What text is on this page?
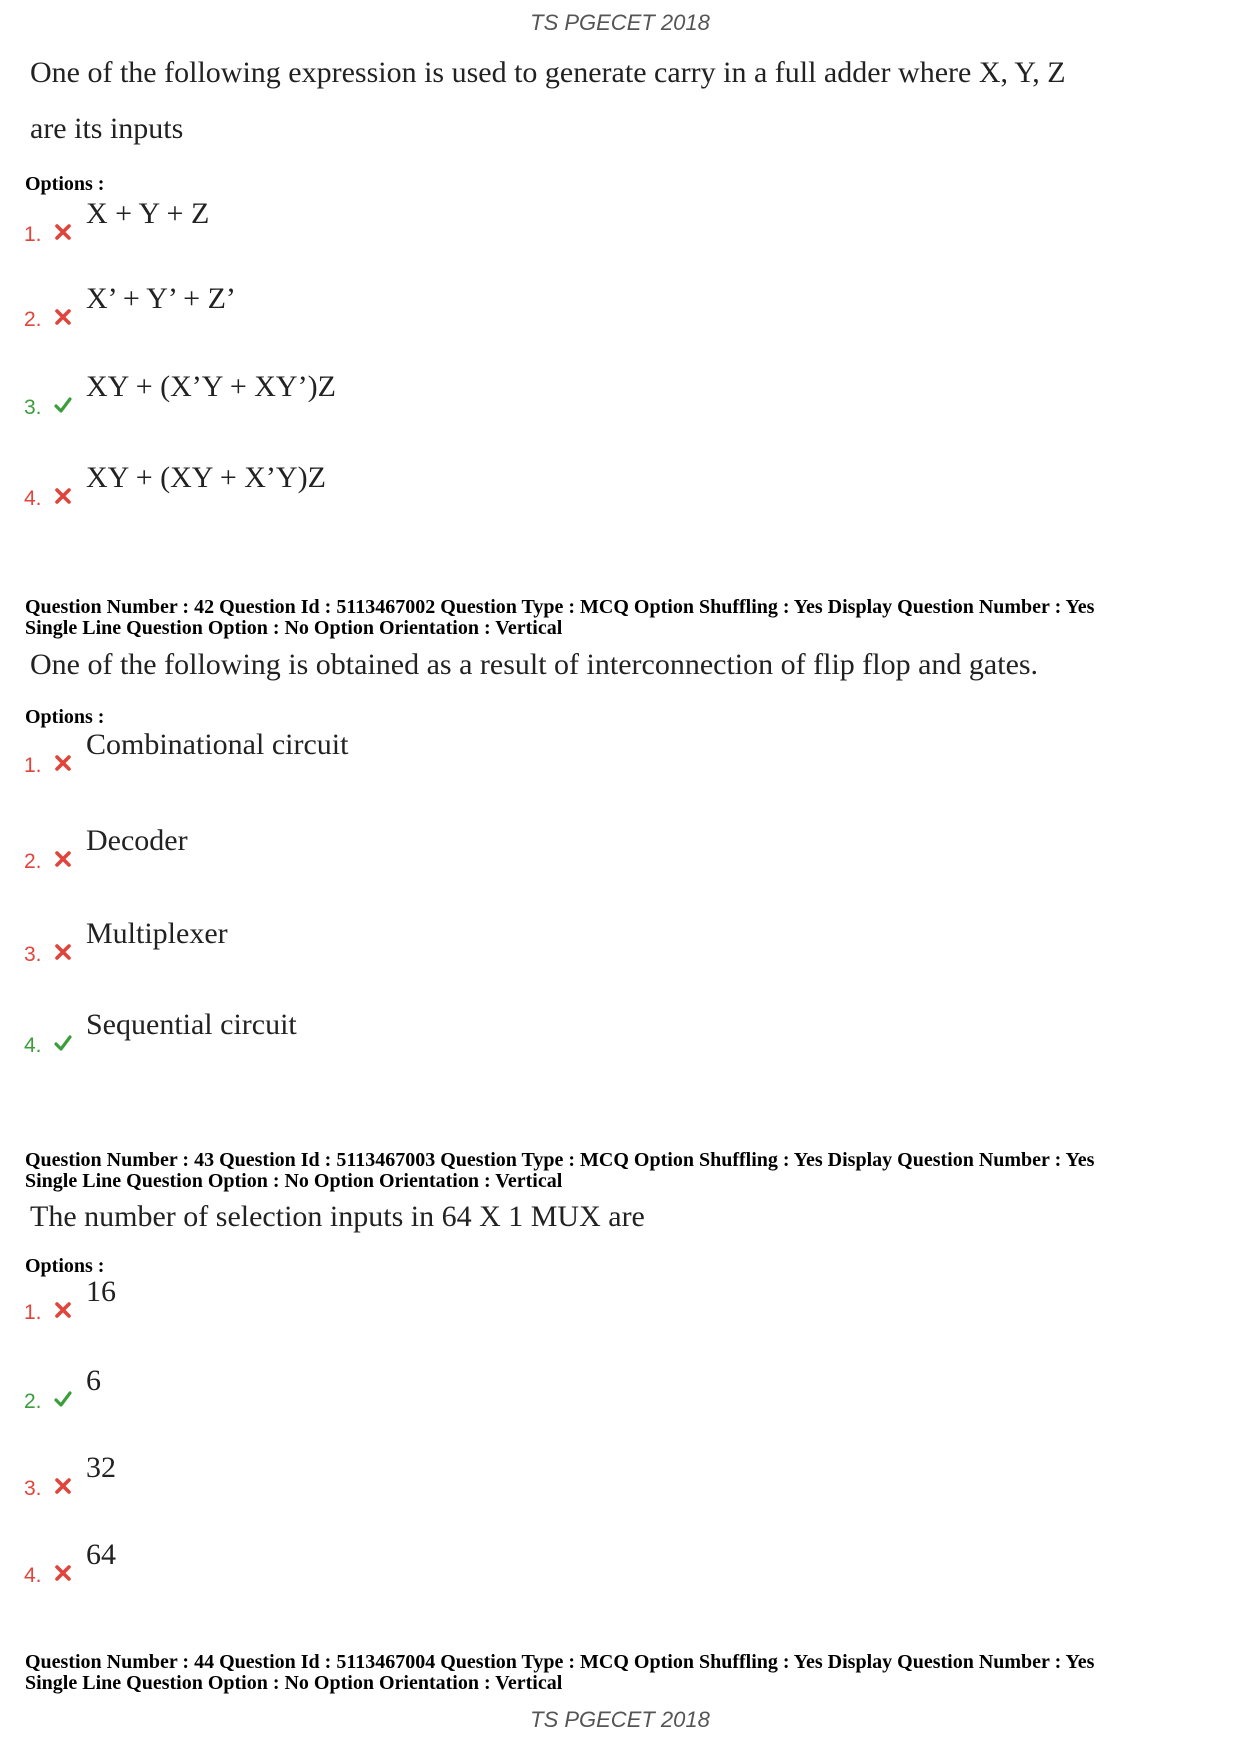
TS PGECET 2018
One of the following expression is used to generate carry in a full adder where X, Y, Z
are its inputs
Options :
1.
X + Y + Z
2.
X’ + Y’ + Z’
3.
XY + (X’Y + XY’)Z
4.
XY + (XY + X’Y)Z
Question Number : 42 Question Id : 5113467002 Question Type : MCQ Option Shuffling : Yes Display Question Number : Yes
Single Line Question Option : No Option Orientation : Vertical
One of the following is obtained as a result of interconnection of flip flop and gates.
Options :
1.
Combinational circuit
2.
Decoder
3.
Multiplexer
4.
Sequential circuit
Question Number : 43 Question Id : 5113467003 Question Type : MCQ Option Shuffling : Yes Display Question Number : Yes
Single Line Question Option : No Option Orientation : Vertical
The number of selection inputs in 64 X 1 MUX are
Options :
1.
16
2.
6
3.
32
4.
64
Question Number : 44 Question Id : 5113467004 Question Type : MCQ Option Shuffling : Yes Display Question Number : Yes
Single Line Question Option : No Option Orientation : Vertical
TS PGECET 2018
